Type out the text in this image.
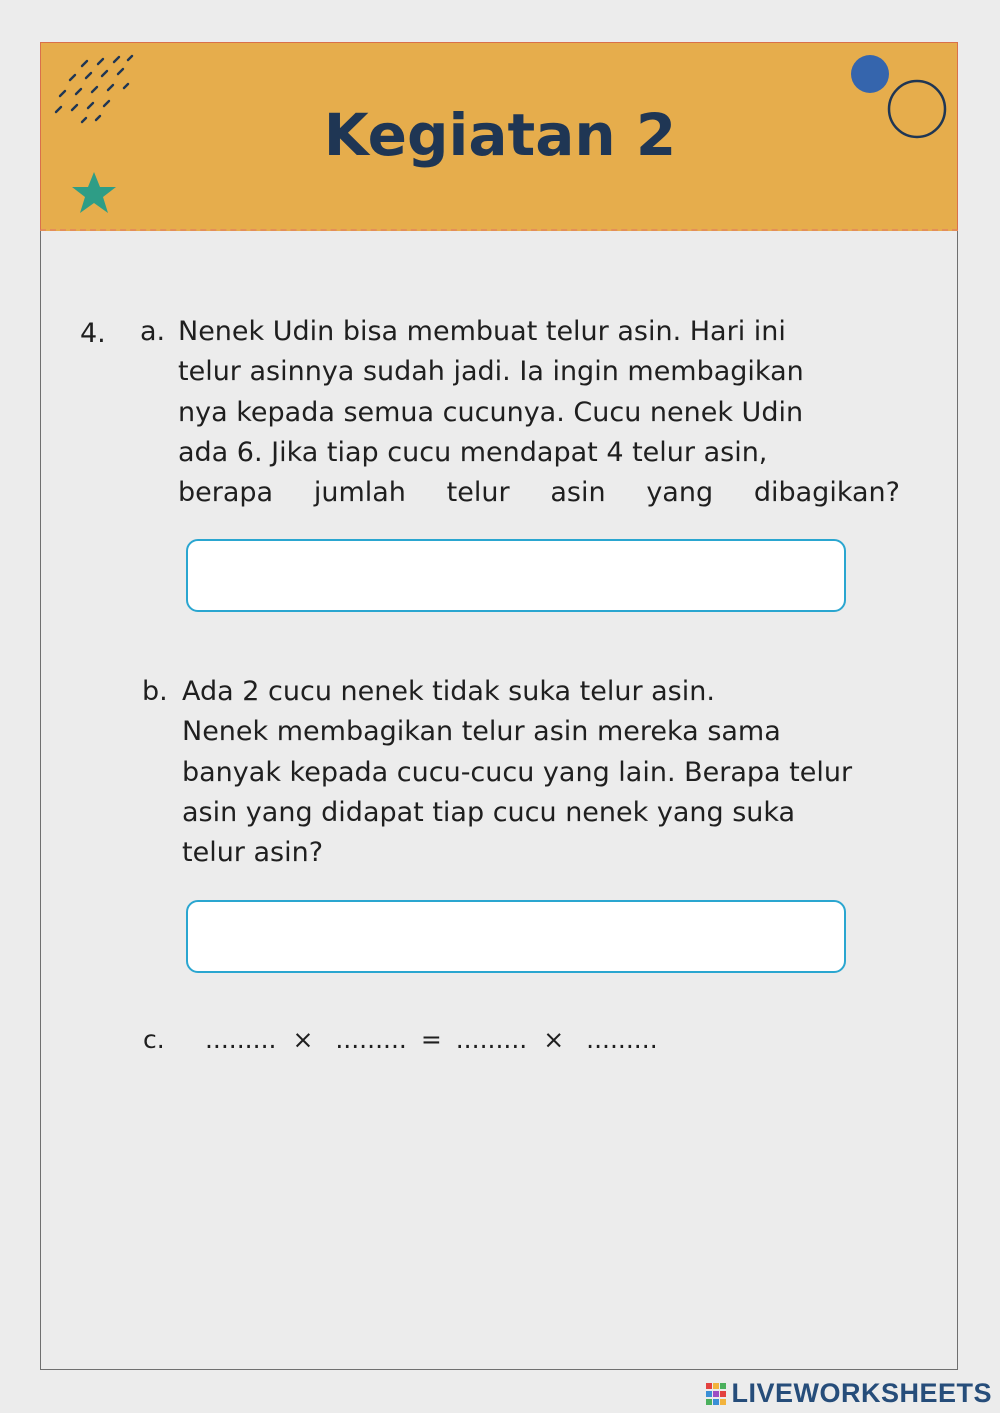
Kegiatan 2
4. a. Nenek Udin bisa membuat telur asin. Hari ini
telur asinnya sudah jadi. Ia ingin membagikan
nya kepada semua cucunya. Cucu nenek Udin
ada 6. Jika tiap cucu mendapat 4 telur asin,
berapa jumlah telur asin yang dibagikan?
b. Ada 2 cucu nenek tidak suka telur asin.
Nenek membagikan telur asin mereka sama
banyak kepada cucu-cucu yang lain. Berapa telur
asin yang didapat tiap cucu nenek yang suka
telur asin?
c. ......... × ......... = ......... × .........
LIVEWORKSHEETS
